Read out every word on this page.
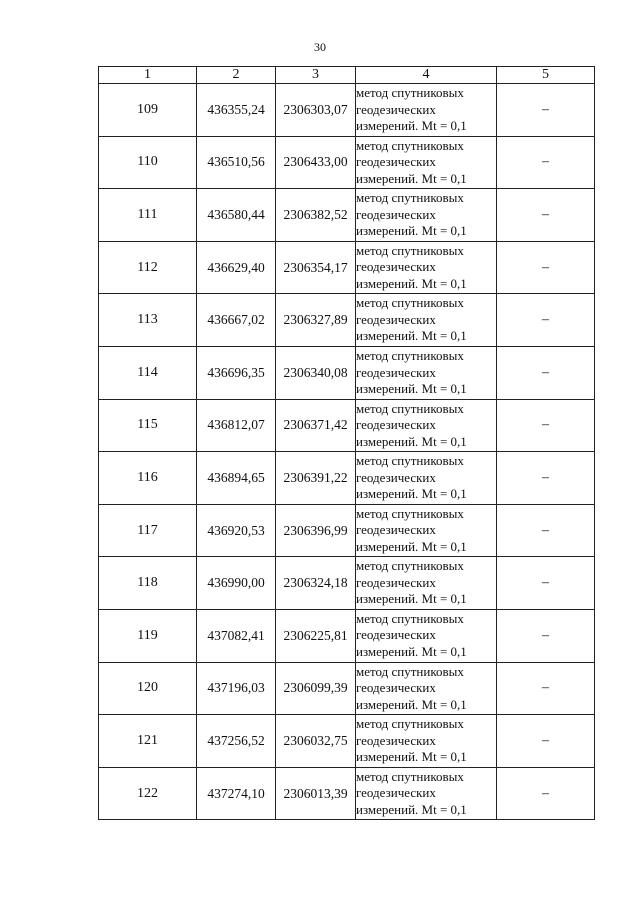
30
1	2	3	4	5
109	436355,24	2306303,07	метод спутниковых
геодезических
измерений. Mt = 0,1	–
110	436510,56	2306433,00	метод спутниковых
геодезических
измерений. Mt = 0,1	–
111	436580,44	2306382,52	метод спутниковых
геодезических
измерений. Mt = 0,1	–
112	436629,40	2306354,17	метод спутниковых
геодезических
измерений. Mt = 0,1	–
113	436667,02	2306327,89	метод спутниковых
геодезических
измерений. Mt = 0,1	–
114	436696,35	2306340,08	метод спутниковых
геодезических
измерений. Mt = 0,1	–
115	436812,07	2306371,42	метод спутниковых
геодезических
измерений. Mt = 0,1	–
116	436894,65	2306391,22	метод спутниковых
геодезических
измерений. Mt = 0,1	–
117	436920,53	2306396,99	метод спутниковых
геодезических
измерений. Mt = 0,1	–
118	436990,00	2306324,18	метод спутниковых
геодезических
измерений. Mt = 0,1	–
119	437082,41	2306225,81	метод спутниковых
геодезических
измерений. Mt = 0,1	–
120	437196,03	2306099,39	метод спутниковых
геодезических
измерений. Mt = 0,1	–
121	437256,52	2306032,75	метод спутниковых
геодезических
измерений. Mt = 0,1	–
122	437274,10	2306013,39	метод спутниковых
геодезических
измерений. Mt = 0,1	–
